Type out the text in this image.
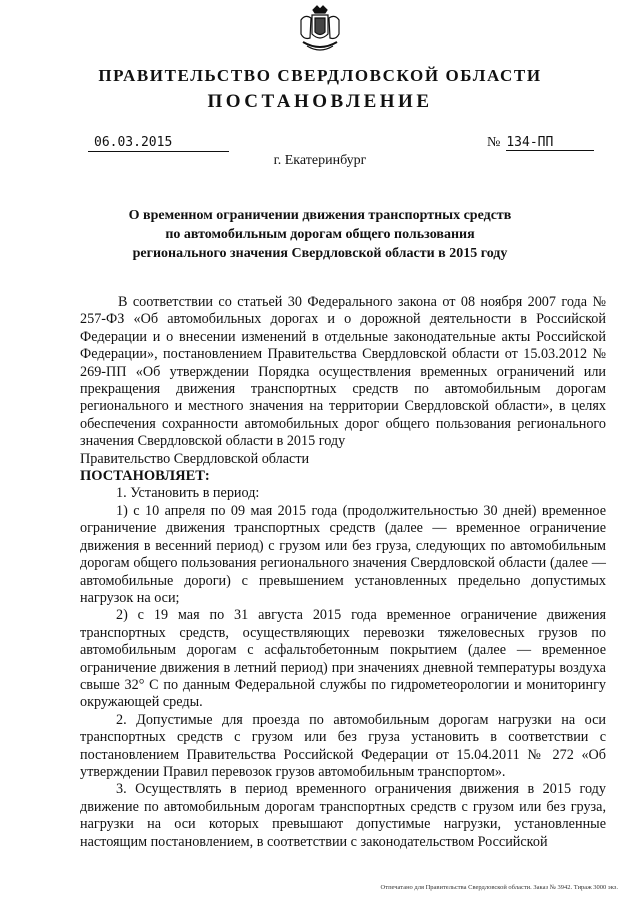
ПРАВИТЕЛЬСТВО СВЕРДЛОВСКОЙ ОБЛАСТИ
ПОСТАНОВЛЕНИЕ
06.03.2015	№ 134-ПП
г. Екатеринбург
О временном ограничении движения транспортных средств
по автомобильным дорогам общего пользования
регионального значения Свердловской области в 2015 году

В соответствии со статьей 30 Федерального закона от 08 ноября 2007 года № 257-ФЗ «Об автомобильных дорогах и о дорожной деятельности в Российской Федерации и о внесении изменений в отдельные законодательные акты Российской Федерации», постановлением Правительства Свердловской области от 15.03.2012 № 269-ПП «Об утверждении Порядка осуществления временных ограничений или прекращения движения транспортных средств по автомобильным дорогам регионального и местного значения на территории Свердловской области», в целях обеспечения сохранности автомобильных дорог общего пользования регионального значения Свердловской области в 2015 году

Правительство Свердловской области

ПОСТАНОВЛЯЕТ:

1. Установить в период:

1) с 10 апреля по 09 мая 2015 года (продолжительностью 30 дней) временное ограничение движения транспортных средств (далее — временное ограничение движения в весенний период) с грузом или без груза, следующих по автомобильным дорогам общего пользования регионального значения Свердловской области (далее — автомобильные дороги) с превышением установленных предельно допустимых нагрузок на оси;

2) с 19 мая по 31 августа 2015 года временное ограничение движения транспортных средств, осуществляющих перевозки тяжеловесных грузов по автомобильным дорогам с асфальтобетонным покрытием (далее — временное ограничение движения в летний период) при значениях дневной температуры воздуха свыше 32° С по данным Федеральной службы по гидрометеорологии и мониторингу окружающей среды.

2. Допустимые для проезда по автомобильным дорогам нагрузки на оси транспортных средств с грузом или без груза установить в соответствии с постановлением Правительства Российской Федерации от 15.04.2011 № 272 «Об утверждении Правил перевозок грузов автомобильным транспортом».

3. Осуществлять в период временного ограничения движения в 2015 году движение по автомобильным дорогам транспортных средств с грузом или без груза, нагрузки на оси которых превышают допустимые нагрузки, установленные настоящим постановлением, в соответствии с законодательством Российской

Отпечатано для Правительства Свердловской области. Заказ № 3942. Тираж 3000 экз.
